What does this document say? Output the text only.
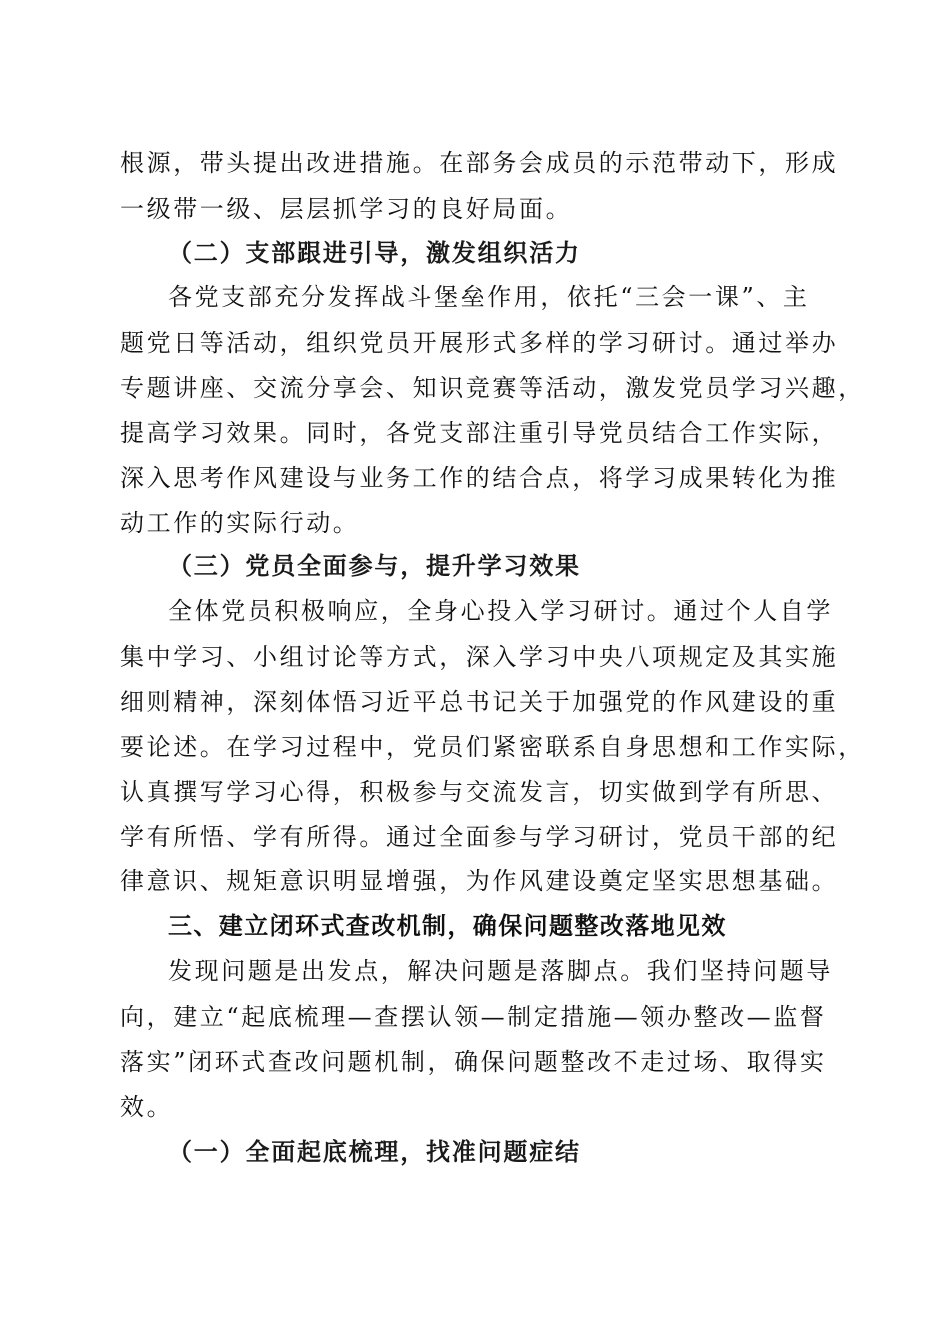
根源，带头提出改进措施。在部务会成员的示范带动下，形成
一级带一级、层层抓学习的良好局面。
（二）支部跟进引导，激发组织活力
各党支部充分发挥战斗堡垒作用，依托“三会一课”、主
题党日等活动，组织党员开展形式多样的学习研讨。通过举办
专题讲座、交流分享会、知识竞赛等活动，激发党员学习兴趣，
提高学习效果。同时，各党支部注重引导党员结合工作实际，
深入思考作风建设与业务工作的结合点，将学习成果转化为推
动工作的实际行动。
（三）党员全面参与，提升学习效果
全体党员积极响应，全身心投入学习研讨。通过个人自学
集中学习、小组讨论等方式，深入学习中央八项规定及其实施
细则精神，深刻体悟习近平总书记关于加强党的作风建设的重
要论述。在学习过程中，党员们紧密联系自身思想和工作实际，
认真撰写学习心得，积极参与交流发言，切实做到学有所思、
学有所悟、学有所得。通过全面参与学习研讨，党员干部的纪
律意识、规矩意识明显增强，为作风建设奠定坚实思想基础。
三、建立闭环式查改机制，确保问题整改落地见效
发现问题是出发点，解决问题是落脚点。我们坚持问题导
向，建立“起底梳理—查摆认领—制定措施—领办整改—监督
落实”闭环式查改问题机制，确保问题整改不走过场、取得实
效。
（一）全面起底梳理，找准问题症结
